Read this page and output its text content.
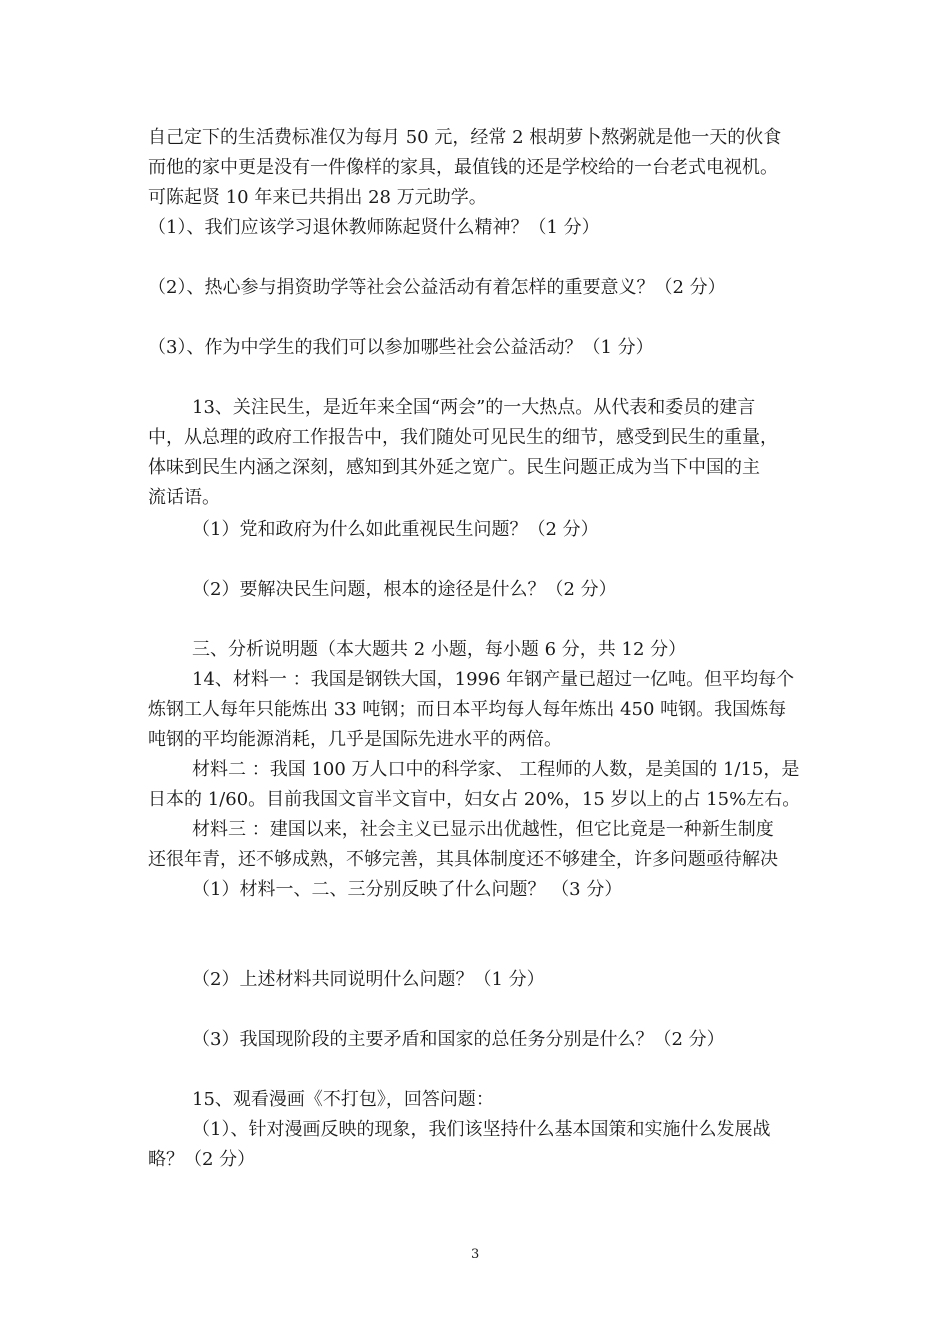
自己定下的生活费标准仅为每月 50 元，经常 2 根胡萝卜熬粥就是他一天的伙食
而他的家中更是没有一件像样的家具，最值钱的还是学校给的一台老式电视机。
可陈起贤 10 年来已共捐出 28 万元助学。
（1）、我们应该学习退休教师陈起贤什么精神？（1 分）
（2）、热心参与捐资助学等社会公益活动有着怎样的重要意义？（2 分）
（3）、作为中学生的我们可以参加哪些社会公益活动？（1 分）
13、关注民生，是近年来全国“两会”的一大热点。从代表和委员的建言
中，从总理的政府工作报告中，我们随处可见民生的细节，感受到民生的重量，
体味到民生内涵之深刻，感知到其外延之宽广。民生问题正成为当下中国的主
流话语。
（1）党和政府为什么如此重视民生问题？（2 分）
（2）要解决民生问题，根本的途径是什么？（2 分）
三、分析说明题（本大题共 2 小题，每小题 6 分，共 12 分）
14、材料一 ：我国是钢铁大国，1996 年钢产量已超过一亿吨。但平均每个
炼钢工人每年只能炼出 33 吨钢；而日本平均每人每年炼出 450 吨钢。我国炼每
吨钢的平均能源消耗，几乎是国际先进水平的两倍。
材料二 ：我国 100 万人口中的科学家、 工程师的人数，是美国的 1/15，是
日本的 1/60。目前我国文盲半文盲中，妇女占 20%，15 岁以上的占 15%左右。
材料三 ：建国以来，社会主义已显示出优越性，但它比竟是一种新生制度
还很年青，还不够成熟，不够完善，其具体制度还不够建全，许多问题亟待解决
（1）材料一、二、三分别反映了什么问题？ （3 分）
（2）上述材料共同说明什么问题？（1 分）
（3）我国现阶段的主要矛盾和国家的总任务分别是什么？（2 分）
15、观看漫画《不打包》，回答问题：
（1）、针对漫画反映的现象，我们该坚持什么基本国策和实施什么发展战
略？（2 分）
3
